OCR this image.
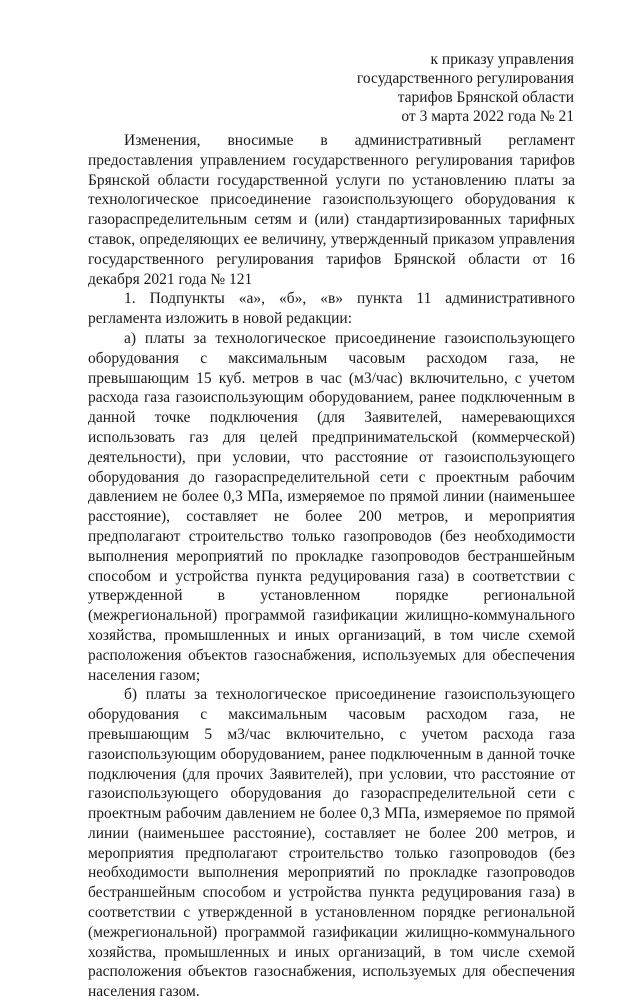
к приказу управления
государственного регулирования
тарифов Брянской области
от 3 марта 2022 года № 21

Изменения, вносимые в административный регламент предоставления управлением государственного регулирования тарифов Брянской области государственной услуги по установлению платы за технологическое присоединение газоиспользующего оборудования к газораспределительным сетям и (или) стандартизированных тарифных ставок, определяющих ее величину, утвержденный приказом управления государственного регулирования тарифов Брянской области от 16 декабря 2021 года № 121

1. Подпункты «а», «б», «в» пункта 11 административного регламента изложить в новой редакции:

а) платы за технологическое присоединение газоиспользующего оборудования с максимальным часовым расходом газа, не превышающим 15 куб. метров в час (м3/час) включительно, с учетом расхода газа газоиспользующим оборудованием, ранее подключенным в данной точке подключения (для Заявителей, намеревающихся использовать газ для целей предпринимательской (коммерческой) деятельности), при условии, что расстояние от газоиспользующего оборудования до газораспределительной сети с проектным рабочим давлением не более 0,3 МПа, измеряемое по прямой линии (наименьшее расстояние), составляет не более 200 метров, и мероприятия предполагают строительство только газопроводов (без необходимости выполнения мероприятий по прокладке газопроводов бестраншейным способом и устройства пункта редуцирования газа) в соответствии с утвержденной в установленном порядке региональной (межрегиональной) программой газификации жилищно-коммунального хозяйства, промышленных и иных организаций, в том числе схемой расположения объектов газоснабжения, используемых для обеспечения населения газом;

б) платы за технологическое присоединение газоиспользующего оборудования с максимальным часовым расходом газа, не превышающим 5 м3/час включительно, с учетом расхода газа газоиспользующим оборудованием, ранее подключенным в данной точке подключения (для прочих Заявителей), при условии, что расстояние от газоиспользующего оборудования до газораспределительной сети с проектным рабочим давлением не более 0,3 МПа, измеряемое по прямой линии (наименьшее расстояние), составляет не более 200 метров, и мероприятия предполагают строительство только газопроводов (без необходимости выполнения мероприятий по прокладке газопроводов бестраншейным способом и устройства пункта редуцирования газа) в соответствии с утвержденной в установленном порядке региональной (межрегиональной) программой газификации жилищно-коммунального хозяйства, промышленных и иных организаций, в том числе схемой расположения объектов газоснабжения, используемых для обеспечения населения газом.
